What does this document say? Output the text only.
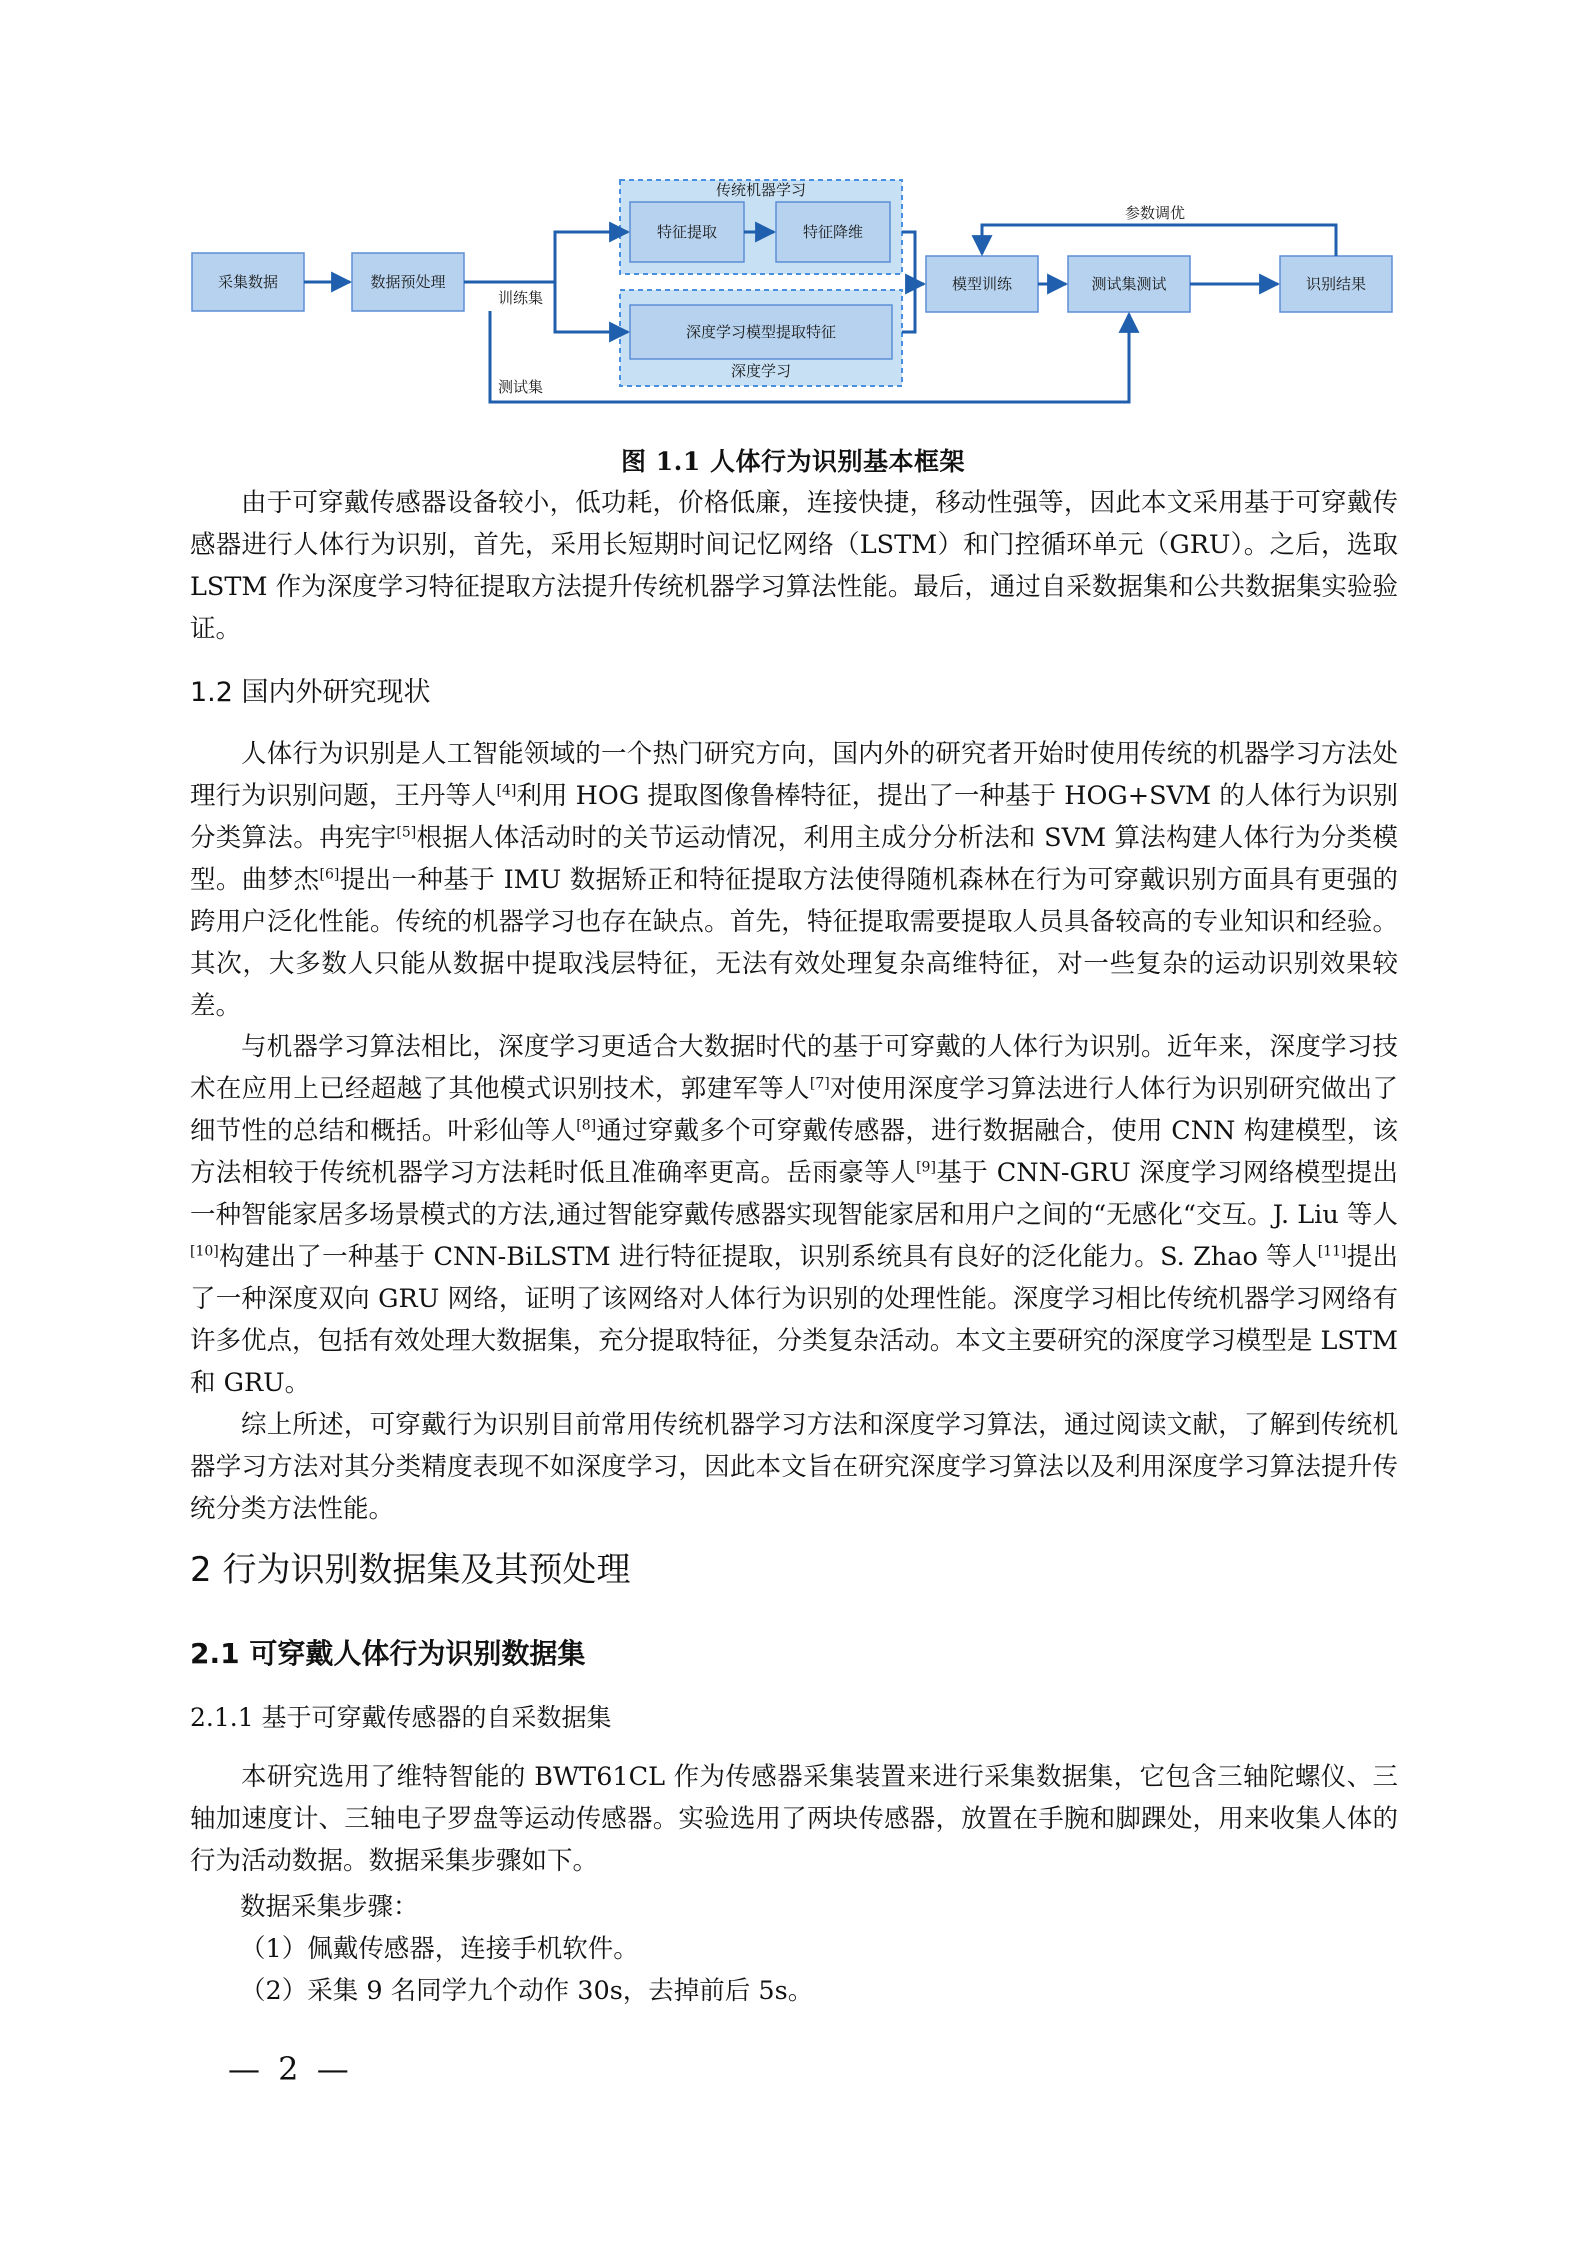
传统机器学习
深度学习
采集数据	数据预处理
特征提取	特征降维
深度学习模型提取特征
模型训练	测试集测试	识别结果
训练集
测试集
参数调优
图 1.1 人体行为识别基本框架

由于可穿戴传感器设备较小，低功耗，价格低廉，连接快捷，移动性强等，因此本文采用基于可穿戴传感器进行人体行为识别，首先，采用长短期时间记忆网络（LSTM）和门控循环单元（GRU）。之后，选取 LSTM 作为深度学习特征提取方法提升传统机器学习算法性能。最后，通过自采数据集和公共数据集实验验证。

1.2 国内外研究现状

人体行为识别是人工智能领域的一个热门研究方向，国内外的研究者开始时使用传统的机器学习方法处理行为识别问题，王丹等人[4]利用 HOG 提取图像鲁棒特征，提出了一种基于 HOG+SVM 的人体行为识别分类算法。冉宪宇[5]根据人体活动时的关节运动情况，利用主成分分析法和 SVM 算法构建人体行为分类模型。曲梦杰[6]提出一种基于 IMU 数据矫正和特征提取方法使得随机森林在行为可穿戴识别方面具有更强的跨用户泛化性能。传统的机器学习也存在缺点。首先，特征提取需要提取人员具备较高的专业知识和经验。其次，大多数人只能从数据中提取浅层特征，无法有效处理复杂高维特征，对一些复杂的运动识别效果较差。

与机器学习算法相比，深度学习更适合大数据时代的基于可穿戴的人体行为识别。近年来，深度学习技术在应用上已经超越了其他模式识别技术，郭建军等人[7]对使用深度学习算法进行人体行为识别研究做出了细节性的总结和概括。叶彩仙等人[8]通过穿戴多个可穿戴传感器，进行数据融合，使用 CNN 构建模型，该方法相较于传统机器学习方法耗时低且准确率更高。岳雨豪等人[9]基于 CNN-GRU 深度学习网络模型提出一种智能家居多场景模式的方法,通过智能穿戴传感器实现智能家居和用户之间的“无感化“交互。J. Liu 等人[10]构建出了一种基于 CNN-BiLSTM 进行特征提取，识别系统具有良好的泛化能力。S. Zhao 等人[11]提出了一种深度双向 GRU 网络，证明了该网络对人体行为识别的处理性能。深度学习相比传统机器学习网络有许多优点，包括有效处理大数据集，充分提取特征，分类复杂活动。本文主要研究的深度学习模型是 LSTM 和 GRU。

综上所述，可穿戴行为识别目前常用传统机器学习方法和深度学习算法，通过阅读文献，了解到传统机器学习方法对其分类精度表现不如深度学习，因此本文旨在研究深度学习算法以及利用深度学习算法提升传统分类方法性能。

2 行为识别数据集及其预处理
2.1 可穿戴人体行为识别数据集
2.1.1 基于可穿戴传感器的自采数据集

本研究选用了维特智能的 BWT61CL 作为传感器采集装置来进行采集数据集，它包含三轴陀螺仪、三轴加速度计、三轴电子罗盘等运动传感器。实验选用了两块传感器，放置在手腕和脚踝处，用来收集人体的行为活动数据。数据采集步骤如下。

数据采集步骤：

（1）佩戴传感器，连接手机软件。

（2）采集 9 名同学九个动作 30s，去掉前后 5s。

— 2 —
